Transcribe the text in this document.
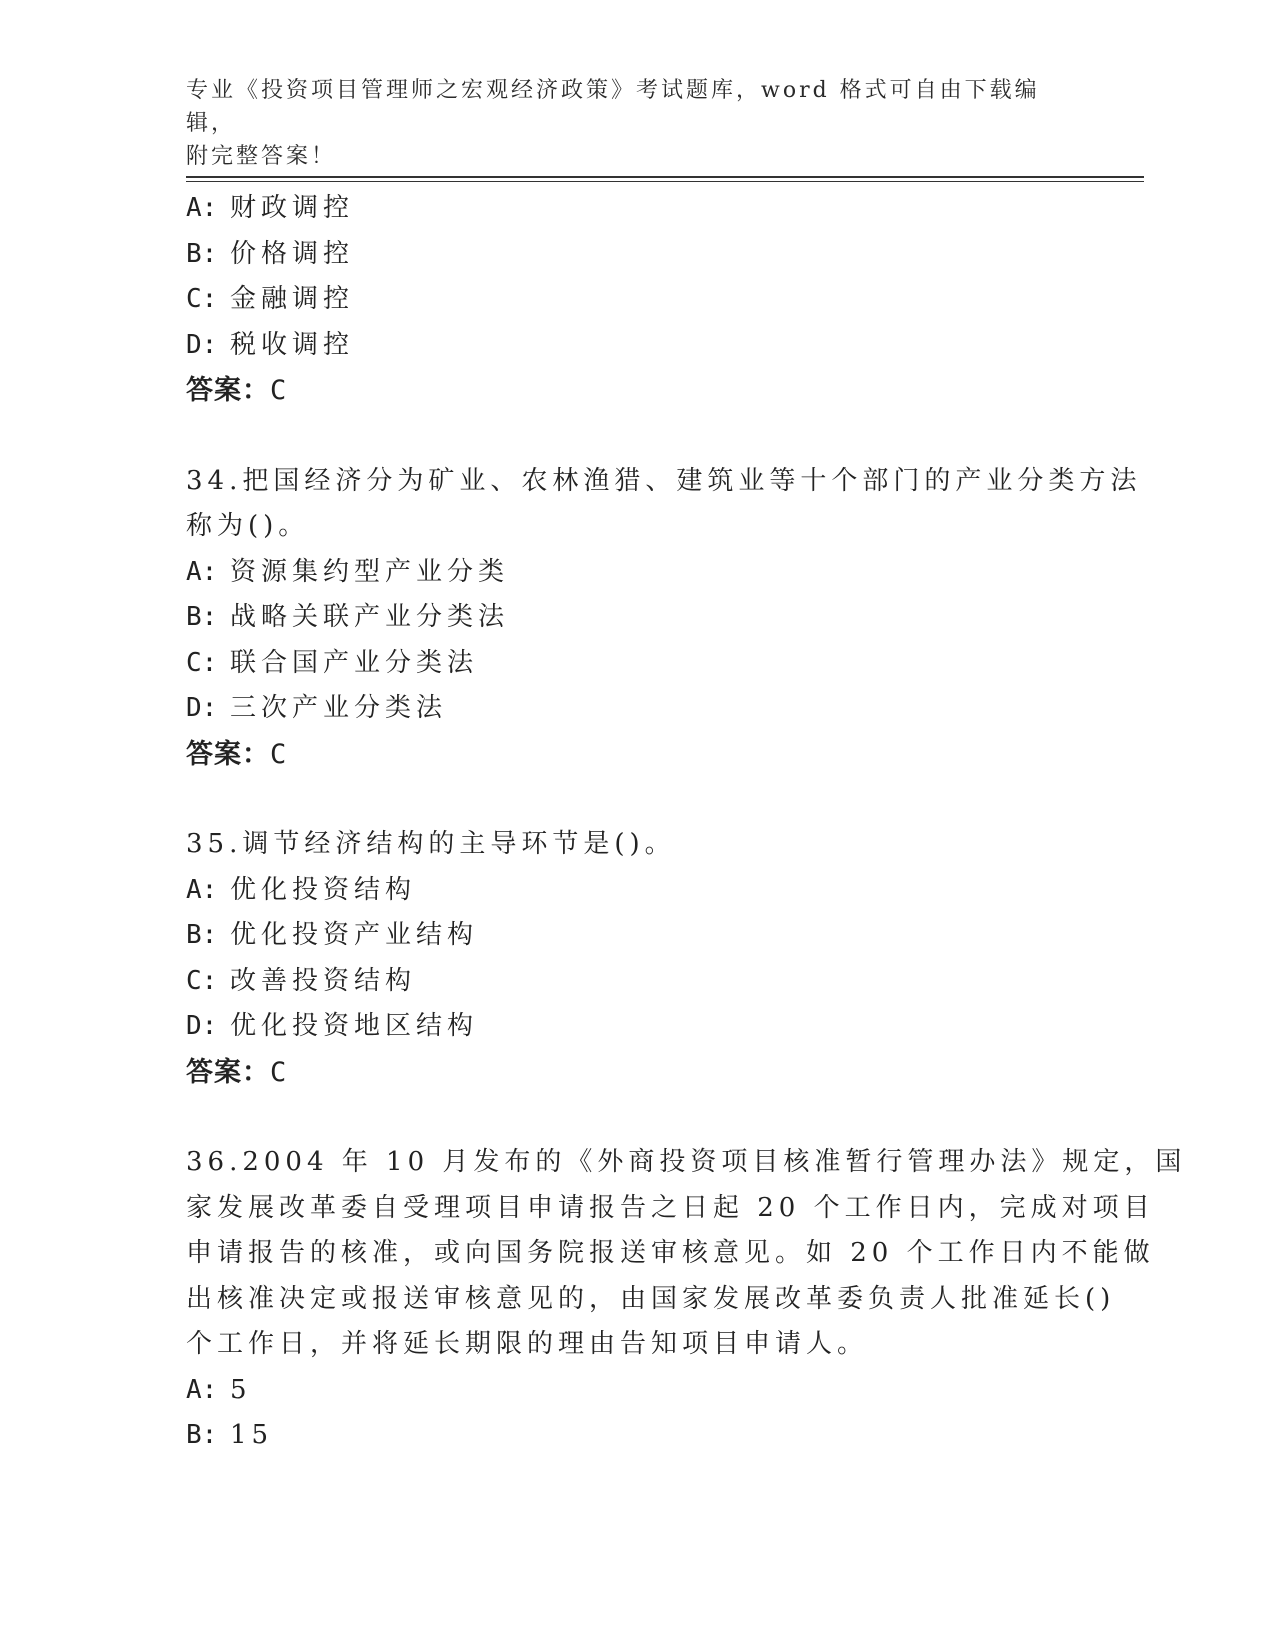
专业《投资项目管理师之宏观经济政策》考试题库，word 格式可自由下载编辑，
附完整答案！
A: 财政调控
B: 价格调控
C: 金融调控
D: 税收调控
答案：C
34.把国经济分为矿业、农林渔猎、建筑业等十个部门的产业分类方法
称为()。
A: 资源集约型产业分类
B: 战略关联产业分类法
C: 联合国产业分类法
D: 三次产业分类法
答案：C
35.调节经济结构的主导环节是()。
A: 优化投资结构
B: 优化投资产业结构
C: 改善投资结构
D: 优化投资地区结构
答案：C
36.2004 年 10 月发布的《外商投资项目核准暂行管理办法》规定，国
家发展改革委自受理项目申请报告之日起 20 个工作日内，完成对项目
申请报告的核准，或向国务院报送审核意见。如 20 个工作日内不能做
出核准决定或报送审核意见的，由国家发展改革委负责人批准延长()
个工作日，并将延长期限的理由告知项目申请人。
A: 5
B: 15
